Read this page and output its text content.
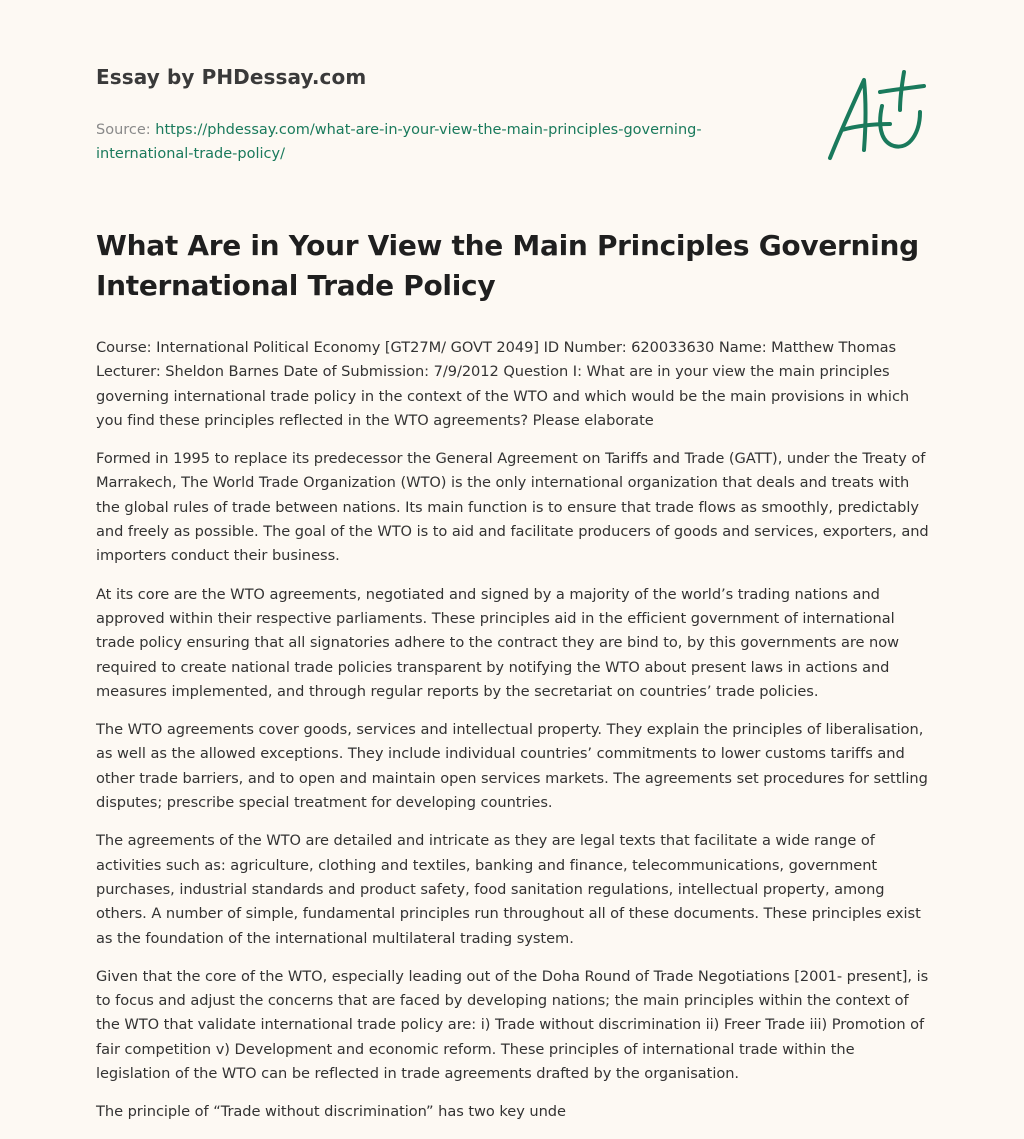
Essay by PHDessay.com
Source: https://phdessay.com/what-are-in-your-view-the-main-principles-governing-international-trade-policy/
What Are in Your View the Main Principles Governing International Trade Policy

Course: International Political Economy [GT27M/ GOVT 2049] ID Number: 620033630 Name: Matthew Thomas Lecturer: Sheldon Barnes Date of Submission: 7/9/2012 Question I: What are in your view the main principles governing international trade policy in the context of the WTO and which would be the main provisions in which you find these principles reflected in the WTO agreements? Please elaborate

Formed in 1995 to replace its predecessor the General Agreement on Tariffs and Trade (GATT), under the Treaty of Marrakech, The World Trade Organization (WTO) is the only international organization that deals and treats with the global rules of trade between nations. Its main function is to ensure that trade flows as smoothly, predictably and freely as possible. The goal of the WTO is to aid and facilitate producers of goods and services, exporters, and importers conduct their business.

At its core are the WTO agreements, negotiated and signed by a majority of the world’s trading nations and approved within their respective parliaments. These principles aid in the efficient government of international trade policy ensuring that all signatories adhere to the contract they are bind to, by this governments are now required to create national trade policies transparent by notifying the WTO about present laws in actions and measures implemented, and through regular reports by the secretariat on countries’ trade policies.

The WTO agreements cover goods, services and intellectual property. They explain the principles of liberalisation, as well as the allowed exceptions. They include individual countries’ commitments to lower customs tariffs and other trade barriers, and to open and maintain open services markets. The agreements set procedures for settling disputes; prescribe special treatment for developing countries.

The agreements of the WTO are detailed and intricate as they are legal texts that facilitate a wide range of activities such as: agriculture, clothing and textiles, banking and finance, telecommunications, government purchases, industrial standards and product safety, food sanitation regulations, intellectual property, among others. A number of simple, fundamental principles run throughout all of these documents. These principles exist as the foundation of the international multilateral trading system.

Given that the core of the WTO, especially leading out of the Doha Round of Trade Negotiations [2001- present], is to focus and adjust the concerns that are faced by developing nations; the main principles within the context of the WTO that validate international trade policy are: i) Trade without discrimination ii) Freer Trade iii) Promotion of fair competition v) Development and economic reform. These principles of international trade within the legislation of the WTO can be reflected in trade agreements drafted by the organisation.

The principle of “Trade without discrimination” has two key unde
